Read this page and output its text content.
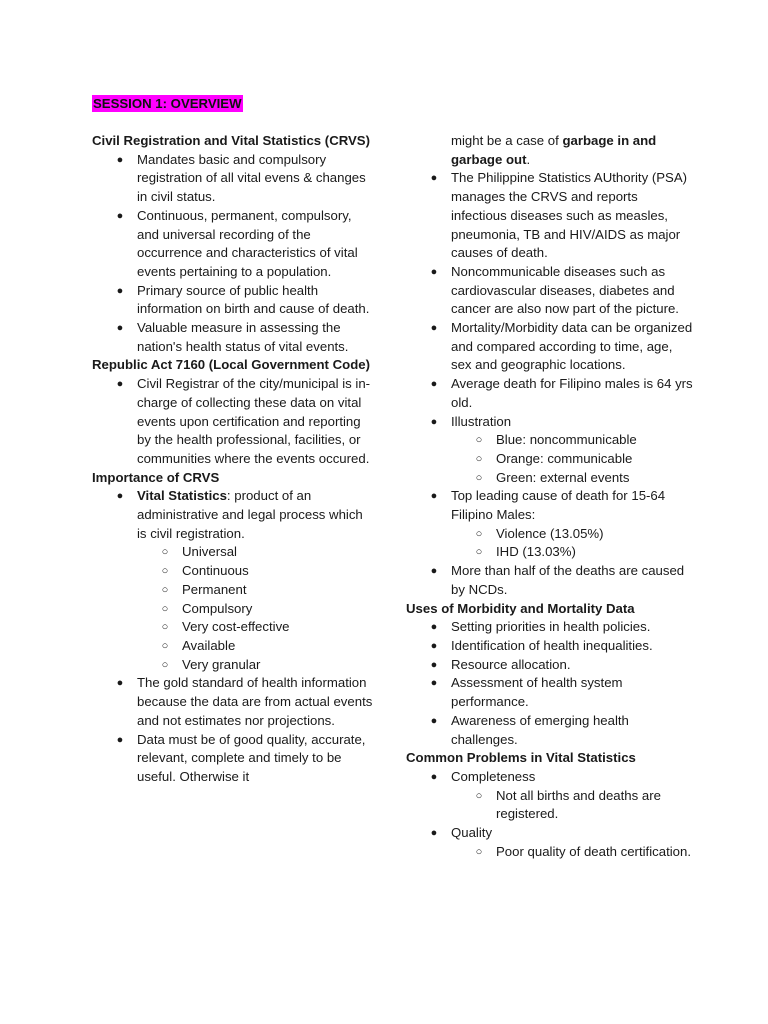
SESSION 1: OVERVIEW

Civil Registration and Vital Statistics (CRVS)

● Mandates basic and compulsory registration of all vital evens & changes in civil status.
● Continuous, permanent, compulsory, and universal recording of the occurrence and characteristics of vital events pertaining to a population.
● Primary source of public health information on birth and cause of death.
● Valuable measure in assessing the nation's health status of vital events.

Republic Act 7160 (Local Government Code)

● Civil Registrar of the city/municipal is in-charge of collecting these data on vital events upon certification and reporting by the health professional, facilities, or communities where the events occured.

Importance of CRVS

● Vital Statistics: product of an administrative and legal process which is civil registration.
○ Universal
○ Continuous
○ Permanent
○ Compulsory
○ Very cost-effective
○ Available
○ Very granular
● The gold standard of health information because the data are from actual events and not estimates nor projections.
● Data must be of good quality, accurate, relevant, complete and timely to be useful. Otherwise it
might be a case of garbage in and garbage out.
● The Philippine Statistics AUthority (PSA) manages the CRVS and reports infectious diseases such as measles, pneumonia, TB and HIV/AIDS as major causes of death.
● Noncommunicable diseases such as cardiovascular diseases, diabetes and cancer are also now part of the picture.
● Mortality/Morbidity data can be organized and compared according to time, age, sex and geographic locations.
● Average death for Filipino males is 64 yrs old.
● Illustration
○ Blue: noncommunicable
○ Orange: communicable
○ Green: external events
● Top leading cause of death for 15-64 Filipino Males:
○ Violence (13.05%)
○ IHD (13.03%)
● More than half of the deaths are caused by NCDs.

Uses of Morbidity and Mortality Data

● Setting priorities in health policies.
● Identification of health inequalities.
● Resource allocation.
● Assessment of health system performance.
● Awareness of emerging health challenges.

Common Problems in Vital Statistics

● Completeness
○ Not all births and deaths are registered.
● Quality
○ Poor quality of death certification.
